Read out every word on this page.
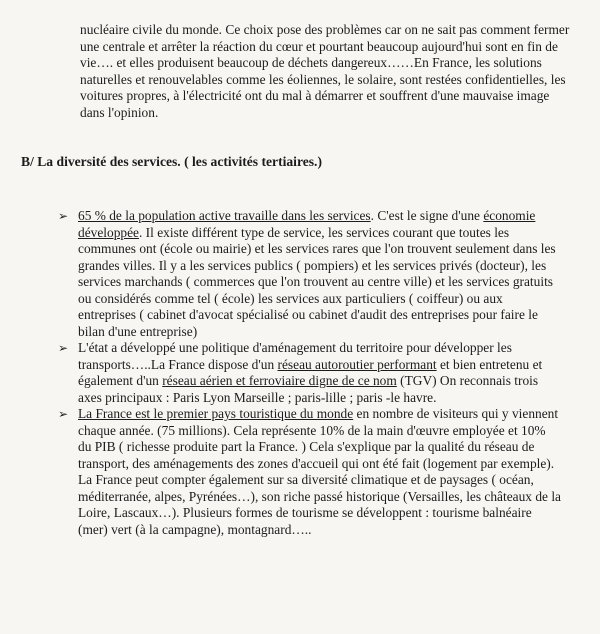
nucléaire civile du monde. Ce choix pose des problèmes car on ne sait pas comment fermer une centrale et arrêter la réaction du cœur et pourtant beaucoup aujourd'hui sont en fin de vie…. et elles produisent beaucoup de déchets dangereux……En France, les solutions naturelles et renouvelables comme les éoliennes, le solaire, sont restées confidentielles, les voitures propres, à l'électricité ont du mal à démarrer et souffrent d'une mauvaise image dans l'opinion.

B/ La diversité des services. ( les activités tertiaires.)
➢ 65 % de la population active travaille dans les services. C'est le signe d'une économie développée. Il existe différent type de service, les services courant que toutes les communes ont (école ou mairie) et les services rares que l'on trouvent seulement dans les grandes villes. Il y a les services publics ( pompiers) et les services privés (docteur), les services marchands ( commerces que l'on trouvent au centre ville) et les services gratuits ou considérés comme tel ( école) les services aux particuliers ( coiffeur) ou aux entreprises ( cabinet d'avocat spécialisé ou cabinet d'audit des entreprises pour faire le bilan d'une entreprise)
➢ L'état a développé une politique d'aménagement du territoire pour développer les transports…..La France dispose d'un réseau autoroutier performant et bien entretenu et également d'un réseau aérien et ferroviaire digne de ce nom (TGV) On reconnais trois axes principaux : Paris Lyon Marseille ; paris-lille ; paris -le havre.
➢ La France est le premier pays touristique du monde en nombre de visiteurs qui y viennent chaque année. (75 millions). Cela représente 10% de la main d'œuvre employée et 10% du PIB ( richesse produite part la France. ) Cela s'explique par la qualité du réseau de transport, des aménagements des zones d'accueil qui ont été fait (logement par exemple). La France peut compter également sur sa diversité climatique et de paysages ( océan, méditerranée, alpes, Pyrénées…), son riche passé historique (Versailles, les châteaux de la Loire, Lascaux…). Plusieurs formes de tourisme se développent : tourisme balnéaire (mer) vert (à la campagne), montagnard…..
